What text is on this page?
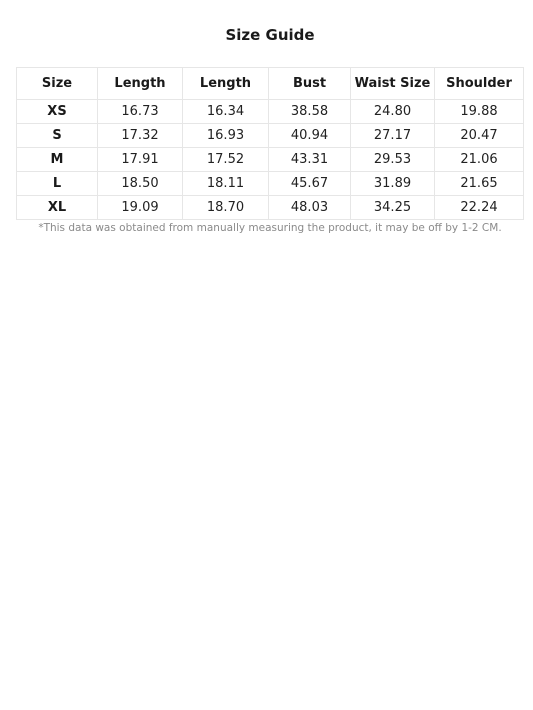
Size Guide
Size	Length	Length	Bust	Waist Size	Shoulder
XS	16.73	16.34	38.58	24.80	19.88
S	17.32	16.93	40.94	27.17	20.47
M	17.91	17.52	43.31	29.53	21.06
L	18.50	18.11	45.67	31.89	21.65
XL	19.09	18.70	48.03	34.25	22.24
*This data was obtained from manually measuring the product, it may be off by 1-2 CM.
